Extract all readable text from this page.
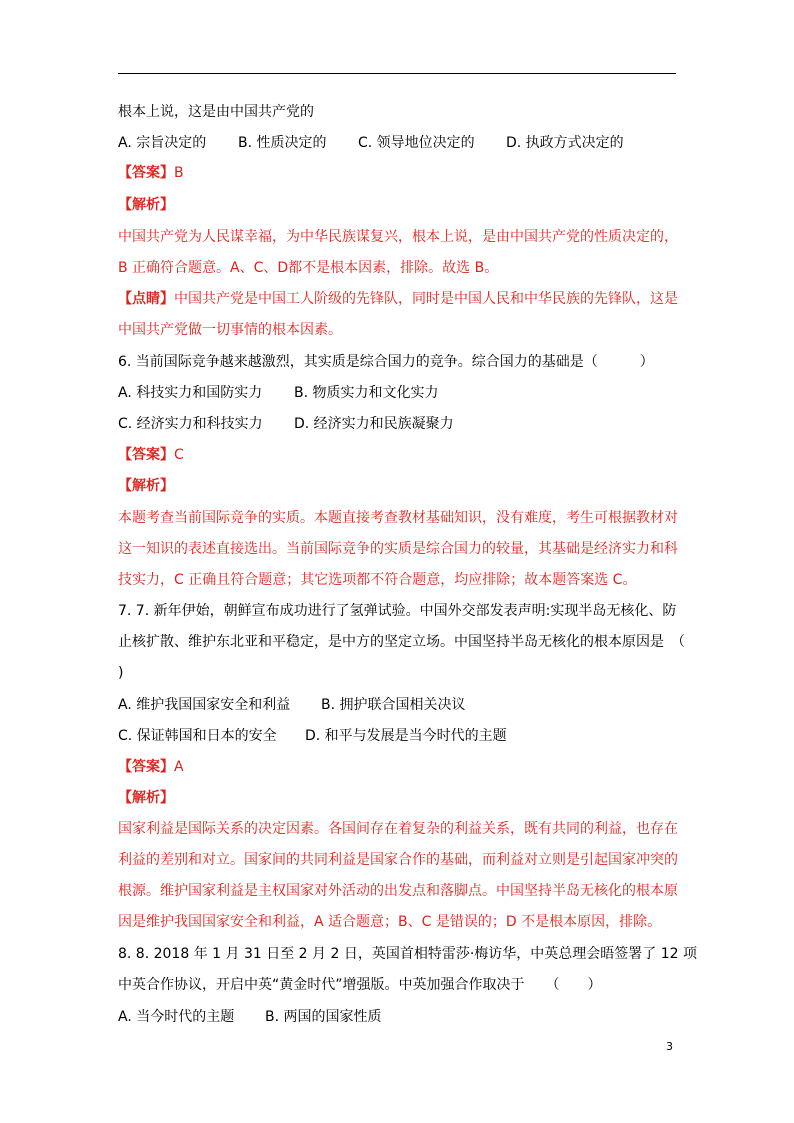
根本上说，这是由中国共产党的
A. 宗旨决定的 B. 性质决定的 C. 领导地位决定的 D. 执政方式决定的
【答案】B
【解析】
中国共产党为人民谋幸福，为中华民族谋复兴，根本上说，是由中国共产党的性质决定的，
B 正确符合题意。A、C、D都不是根本因素，排除。故选 B。
【点睛】中国共产党是中国工人阶级的先锋队，同时是中国人民和中华民族的先锋队，这是
中国共产党做一切事情的根本因素。
6. 当前国际竞争越来越激烈，其实质是综合国力的竞争。综合国力的基础是（　　　）
A. 科技实力和国防实力 B. 物质实力和文化实力
C. 经济实力和科技实力 D. 经济实力和民族凝聚力
【答案】C
【解析】
本题考查当前国际竞争的实质。本题直接考查教材基础知识，没有难度，考生可根据教材对
这一知识的表述直接选出。当前国际竞争的实质是综合国力的较量，其基础是经济实力和科
技实力，C 正确且符合题意；其它选项都不符合题意，均应排除；故本题答案选 C。
7. 7. 新年伊始，朝鲜宣布成功进行了氢弹试验。中国外交部发表声明:实现半岛无核化、防
止核扩散、维护东北亚和平稳定，是中方的坚定立场。中国坚持半岛无核化的根本原因是　（
)
A. 维护我国国家安全和利益 B. 拥护联合国相关决议
C. 保证韩国和日本的安全 D. 和平与发展是当今时代的主题
【答案】A
【解析】
国家利益是国际关系的决定因素。各国间存在着复杂的利益关系，既有共同的利益，也存在
利益的差别和对立。国家间的共同利益是国家合作的基础，而利益对立则是引起国家冲突的
根源。维护国家利益是主权国家对外活动的出发点和落脚点。中国坚持半岛无核化的根本原
因是维护我国国家安全和利益，A 适合题意；B、C 是错误的；D 不是根本原因，排除。
8. 8. 2018 年 1 月 31 日至 2 月 2 日，英国首相特雷莎·梅访华，中英总理会晤签署了 12 项
中英合作协议，开启中英“黄金时代”增强版。中英加强合作取决于　　（　　）
A. 当今时代的主题 B. 两国的国家性质
3
